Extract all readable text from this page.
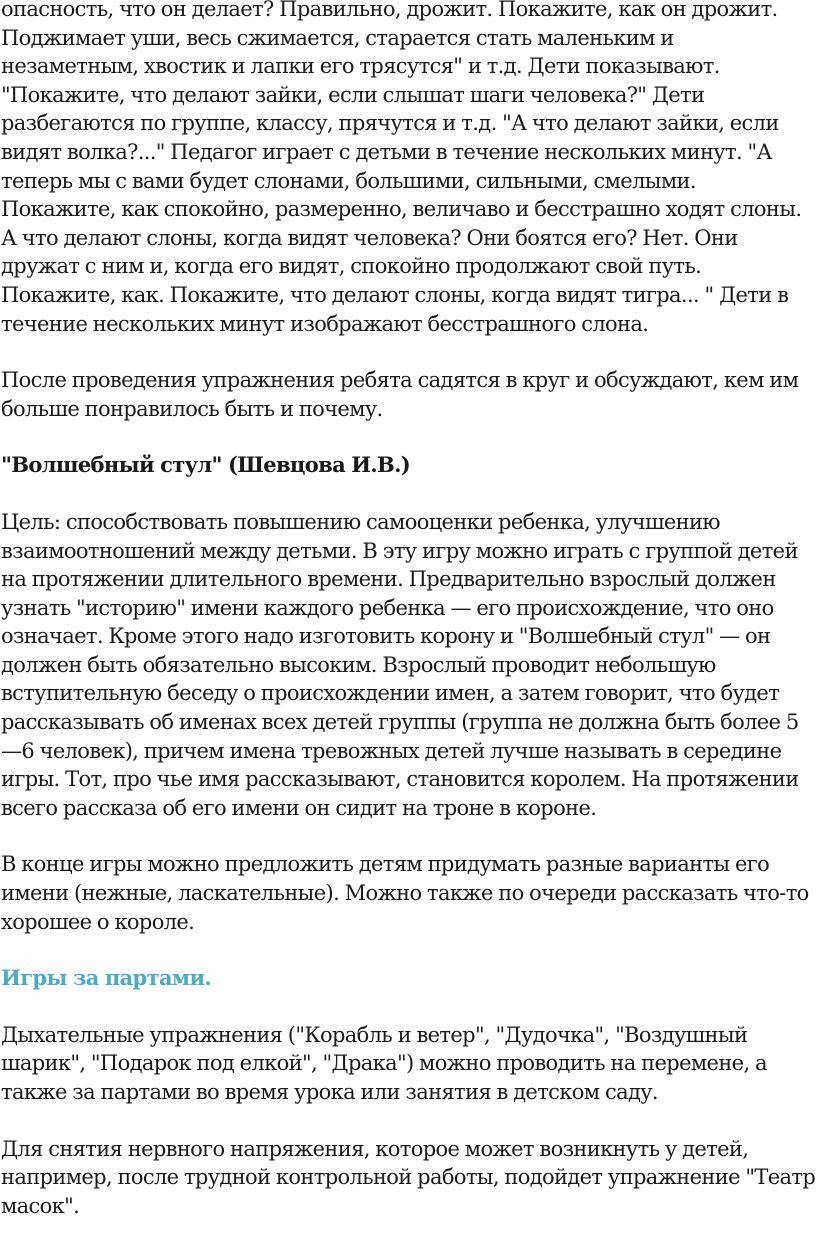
опасность, что он делает? Правильно, дрожит. Покажите, как он дрожит. Поджимает уши, весь сжимается, старается стать маленьким и незаметным, хвостик и лапки его трясутся" и т.д. Дети показывают. "Покажите, что делают зайки, если слышат шаги человека?" Дети разбегаются по группе, классу, прячутся и т.д. "А что делают зайки, если видят волка?..." Педагог играет с детьми в течение нескольких минут. "А теперь мы с вами будет слонами, большими, сильными, смелыми. Покажите, как спокойно, размеренно, величаво и бесстрашно ходят слоны. А что делают слоны, когда видят человека? Они боятся его? Нет. Они дружат с ним и, когда его видят, спокойно продолжают свой путь. Покажите, как. Покажите, что делают слоны, когда видят тигра... " Дети в течение нескольких минут изображают бесстрашного слона.

После проведения упражнения ребята садятся в круг и обсуждают, кем им больше понравилось быть и почему.

"Волшебный стул" (Шевцова И.В.)

Цель: способствовать повышению самооценки ребенка, улучшению взаимоотношений между детьми. В эту игру можно играть с группой детей на протяжении длительного времени. Предварительно взрослый должен узнать "историю" имени каждого ребенка — его происхождение, что оно означает. Кроме этого надо изготовить корону и "Волшебный стул" — он должен быть обязательно высоким. Взрослый проводит небольшую вступительную беседу о происхождении имен, а затем говорит, что будет рассказывать об именах всех детей группы (группа не должна быть более 5—6 человек), причем имена тревожных детей лучше называть в середине игры. Тот, про чье имя рассказывают, становится королем. На протяжении всего рассказа об его имени он сидит на троне в короне.

В конце игры можно предложить детям придумать разные варианты его имени (нежные, ласкательные). Можно также по очереди рассказать что-то хорошее о короле.

Игры за партами.

Дыхательные упражнения ("Корабль и ветер", "Дудочка", "Воздушный шарик", "Подарок под елкой", "Драка") можно проводить на перемене, а также за партами во время урока или занятия в детском саду.

Для снятия нервного напряжения, которое может возникнуть у детей, например, после трудной контрольной работы, подойдет упражнение "Театр масок".
